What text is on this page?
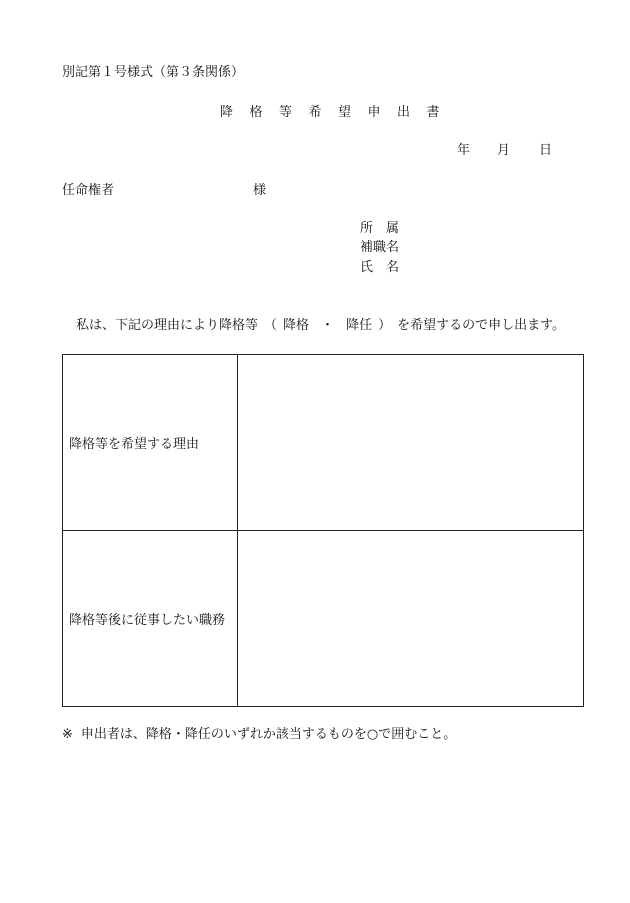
別記第１号様式（第３条関係）
降格等希望申出書
年 月 日
任命権者	様
所属
補職名
氏名
私は、下記の理由により降格等 （ 降格 ・ 降任 ） を希望するので申し出ます。
降格等を希望する理由	
降格等後に従事したい職務	
※ 申出者は、降格・降任のいずれか該当するものを○で囲むこと。
